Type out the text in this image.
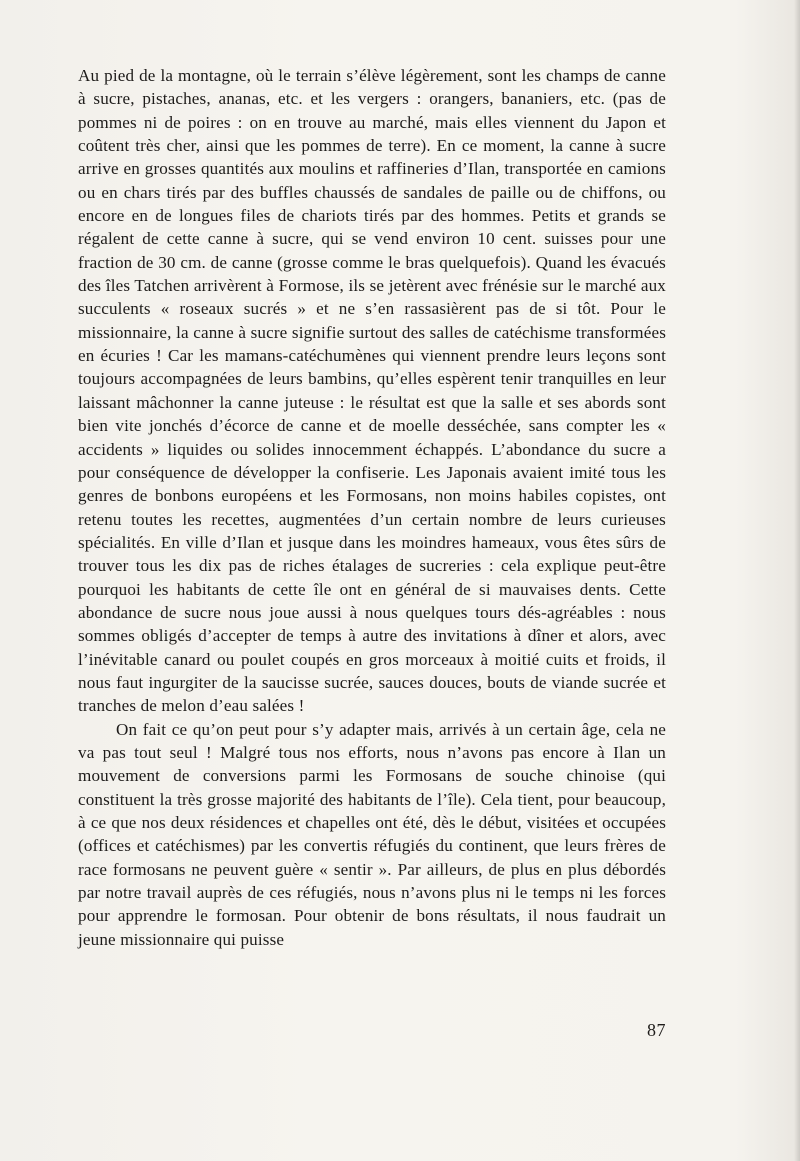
Au pied de la montagne, où le terrain s’élève légèrement, sont les champs de canne à sucre, pistaches, ananas, etc. et les vergers : orangers, bananiers, etc. (pas de pommes ni de poires : on en trouve au marché, mais elles viennent du Japon et coûtent très cher, ainsi que les pommes de terre). En ce moment, la canne à sucre arrive en grosses quantités aux moulins et raffineries d’Ilan, transportée en camions ou en chars tirés par des buffles chaussés de sandales de paille ou de chiffons, ou encore en de longues files de chariots tirés par des hommes. Petits et grands se régalent de cette canne à sucre, qui se vend environ 10 cent. suisses pour une fraction de 30 cm. de canne (grosse comme le bras quelquefois). Quand les évacués des îles Tatchen arrivèrent à Formose, ils se jetèrent avec frénésie sur le marché aux succulents « roseaux sucrés » et ne s’en rassasièrent pas de si tôt. Pour le missionnaire, la canne à sucre signifie surtout des salles de catéchisme transformées en écuries ! Car les mamans-catéchumènes qui viennent prendre leurs leçons sont toujours accompagnées de leurs bambins, qu’elles espèrent tenir tranquilles en leur laissant mâchonner la canne juteuse : le résultat est que la salle et ses abords sont bien vite jonchés d’écorce de canne et de moelle desséchée, sans compter les « accidents » liquides ou solides innocemment échappés. L’abondance du sucre a pour conséquence de développer la confiserie. Les Japonais avaient imité tous les genres de bonbons européens et les Formosans, non moins habiles copistes, ont retenu toutes les recettes, augmentées d’un certain nombre de leurs curieuses spécialités. En ville d’Ilan et jusque dans les moindres hameaux, vous êtes sûrs de trouver tous les dix pas de riches étalages de sucreries : cela explique peut-être pourquoi les habitants de cette île ont en général de si mauvaises dents. Cette abondance de sucre nous joue aussi à nous quelques tours dés-agréables : nous sommes obligés d’accepter de temps à autre des invitations à dîner et alors, avec l’inévitable canard ou poulet coupés en gros morceaux à moitié cuits et froids, il nous faut ingurgiter de la saucisse sucrée, sauces douces, bouts de viande sucrée et tranches de melon d’eau salées !

On fait ce qu’on peut pour s’y adapter mais, arrivés à un certain âge, cela ne va pas tout seul ! Malgré tous nos efforts, nous n’avons pas encore à Ilan un mouvement de conversions parmi les Formosans de souche chinoise (qui constituent la très grosse majorité des habitants de l’île). Cela tient, pour beaucoup, à ce que nos deux résidences et chapelles ont été, dès le début, visitées et occupées (offices et catéchismes) par les convertis réfugiés du continent, que leurs frères de race formosans ne peuvent guère « sentir ». Par ailleurs, de plus en plus débordés par notre travail auprès de ces réfugiés, nous n’avons plus ni le temps ni les forces pour apprendre le formosan. Pour obtenir de bons résultats, il nous faudrait un jeune missionnaire qui puisse

87
